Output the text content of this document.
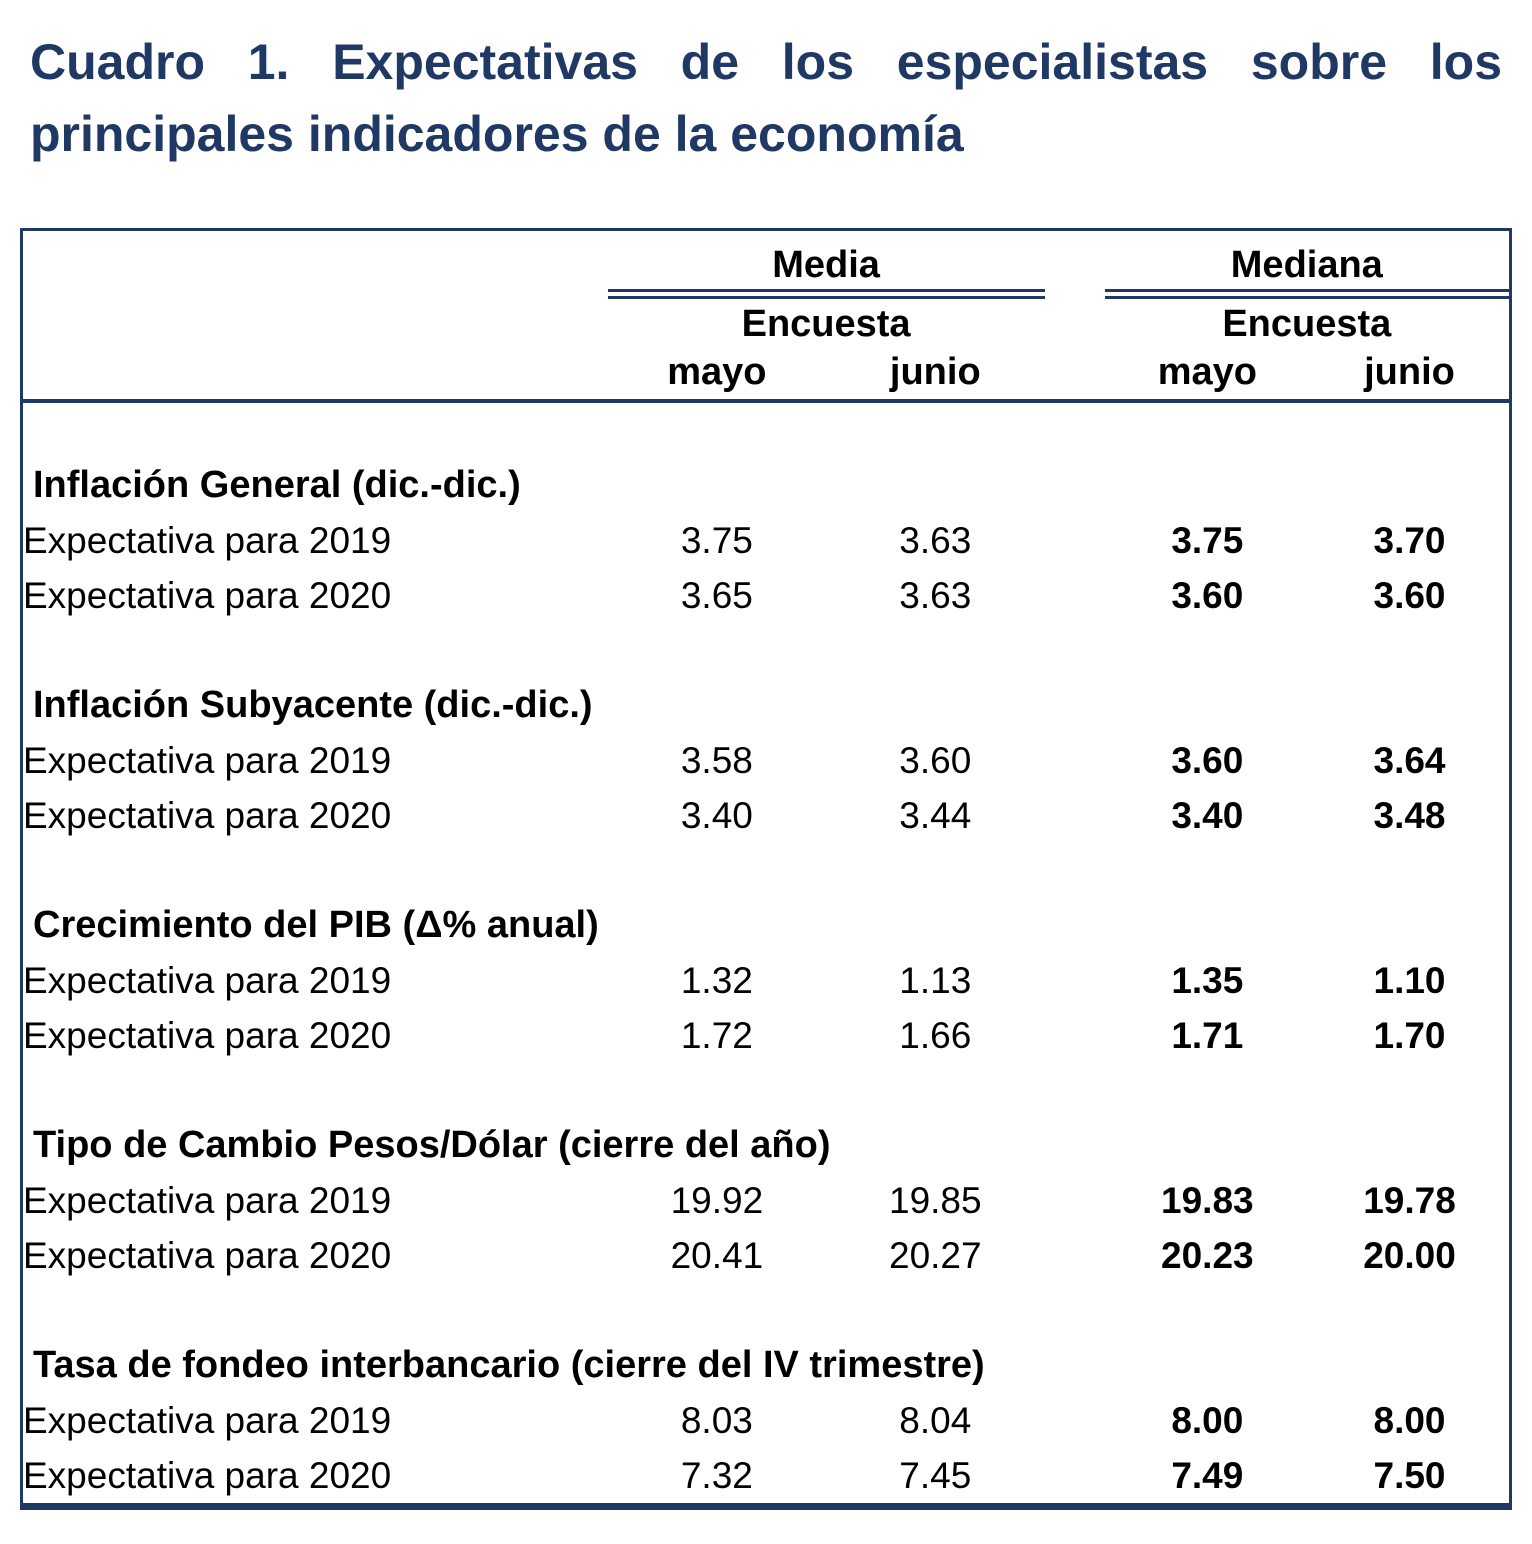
Cuadro 1. Expectativas de los especialistas sobre los
principales indicadores de la economía
	Media			Mediana	

	Encuesta			Encuesta	
	mayo	junio		mayo	junio

Inflación General (dic.-dic.)					
Expectativa para 2019	3.75	3.63		3.75	3.70
Expectativa para 2020	3.65	3.63		3.60	3.60

Inflación Subyacente (dic.-dic.)					
Expectativa para 2019	3.58	3.60		3.60	3.64
Expectativa para 2020	3.40	3.44		3.40	3.48

Crecimiento del PIB (Δ% anual)					
Expectativa para 2019	1.32	1.13		1.35	1.10
Expectativa para 2020	1.72	1.66		1.71	1.70

Tipo de Cambio Pesos/Dólar (cierre del año)					
Expectativa para 2019	19.92	19.85		19.83	19.78
Expectativa para 2020	20.41	20.27		20.23	20.00

Tasa de fondeo interbancario (cierre del IV trimestre)					
Expectativa para 2019	8.03	8.04		8.00	8.00
Expectativa para 2020	7.32	7.45		7.49	7.50
